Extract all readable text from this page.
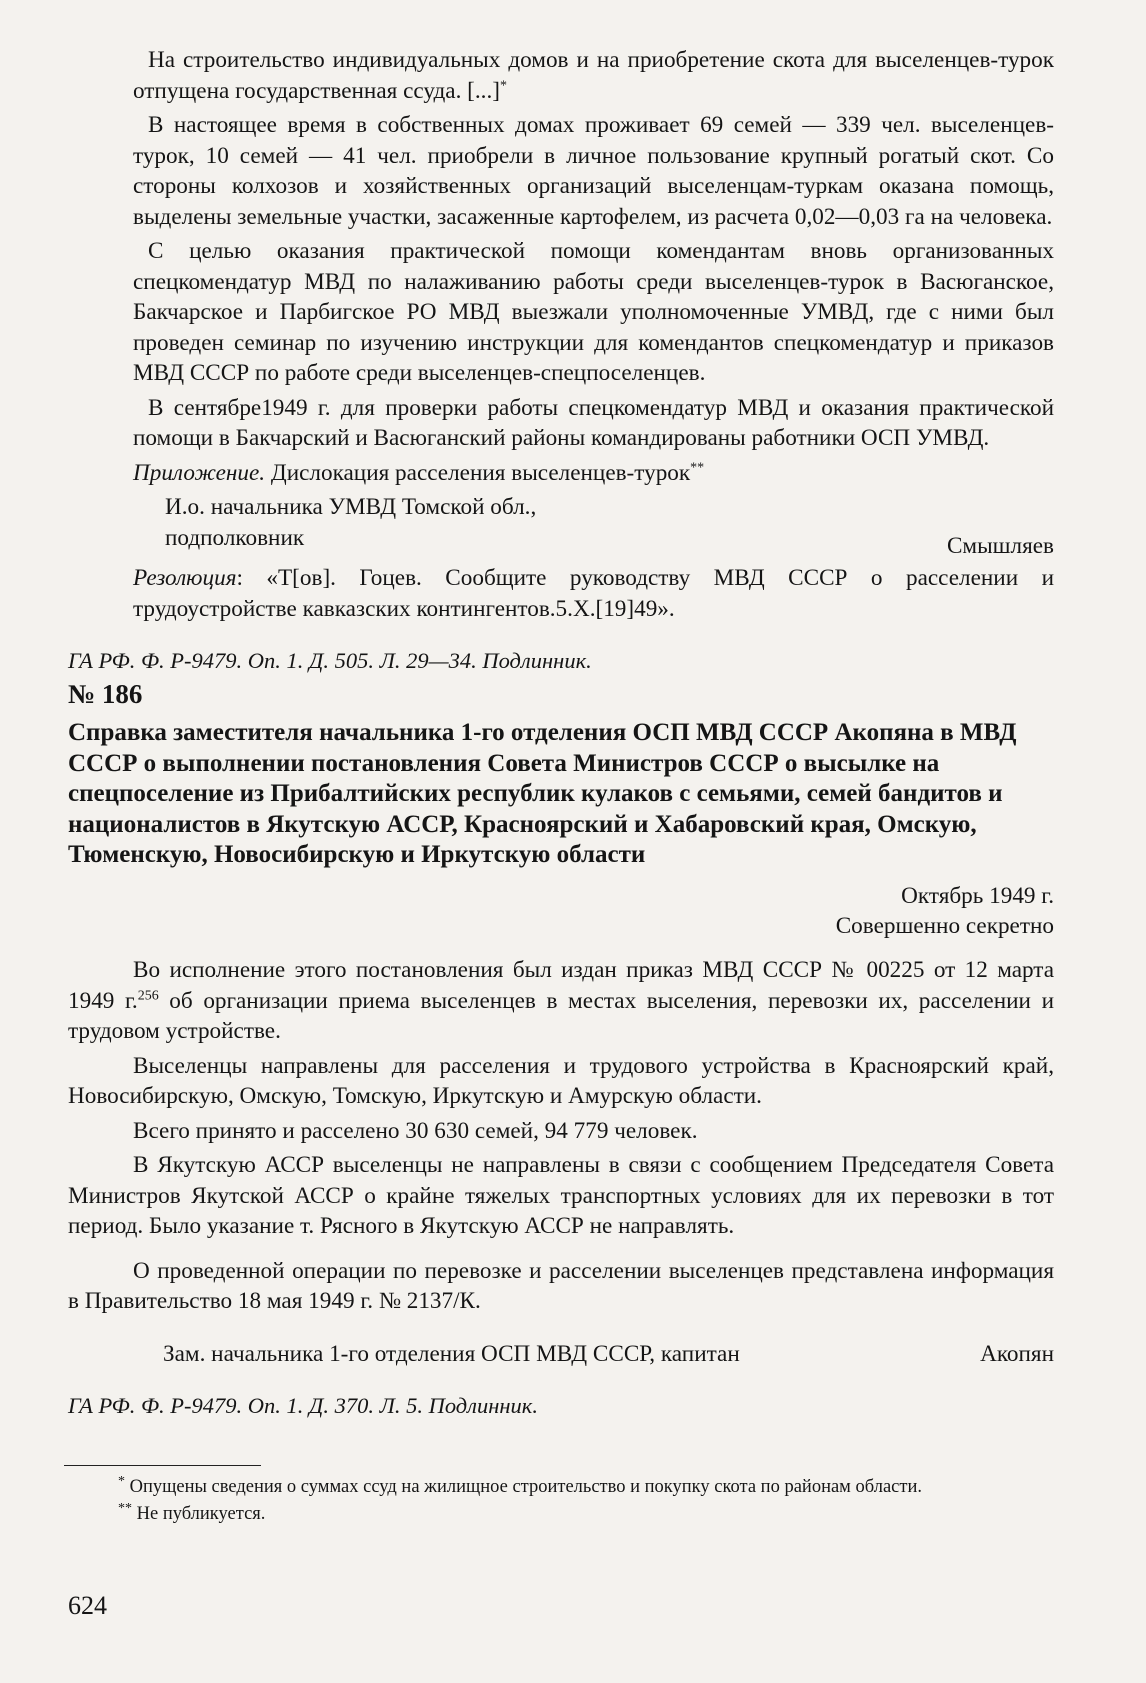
На строительство индивидуальных домов и на приобретение скота для выселенцев-турок отпущена государственная ссуда. [...]*

В настоящее время в собственных домах проживает 69 семей — 339 чел. выселенцев-турок, 10 семей — 41 чел. приобрели в личное пользование крупный рогатый скот. Со стороны колхозов и хозяйственных организаций выселенцам-туркам оказана помощь, выделены земельные участки, засаженные картофелем, из расчета 0,02—0,03 га на человека.

С целью оказания практической помощи комендантам вновь организованных спецкомендатур МВД по налаживанию работы среди выселенцев-турок в Васюганское, Бакчарское и Парбигское РО МВД выезжали уполномоченные УМВД, где с ними был проведен семинар по изучению инструкции для комендантов спецкомендатур и приказов МВД СССР по работе среди выселенцев-спецпоселенцев.

В сентябре1949 г. для проверки работы спецкомендатур МВД и оказания практической помощи в Бакчарский и Васюганский районы командированы работники ОСП УМВД.

Приложение. Дислокация расселения выселенцев-турок**

И.о. начальника УМВД Томской обл.,

подполковник	Смышляев

Резолюция: «Т[ов]. Гоцев. Сообщите руководству МВД СССР о расселении и трудоустройстве кавказских контингентов.5.X.[19]49».

ГА РФ. Ф. Р-9479. Оп. 1. Д. 505. Л. 29—34. Подлинник.

№ 186
Справка заместителя начальника 1-го отделения ОСП МВД СССР Акопяна в МВД СССР о выполнении постановления Совета Министров СССР о высылке на спецпоселение из Прибалтийских республик кулаков с семьями, семей бандитов и националистов в Якутскую АССР, Красноярский и Хабаровский края, Омскую, Тюменскую, Новосибирскую и Иркутскую области

Октябрь 1949 г.

Совершенно секретно

Во исполнение этого постановления был издан приказ МВД СССР № 00225 от 12 марта 1949 г.$^{256}$ об организации приема выселенцев в местах выселения, перевозки их, расселении и трудовом устройстве.

Выселенцы направлены для расселения и трудового устройства в Красноярский край, Новосибирскую, Омскую, Томскую, Иркутскую и Амурскую области.

Всего принято и расселено 30 630 семей, 94 779 человек.

В Якутскую АССР выселенцы не направлены в связи с сообщением Председателя Совета Министров Якутской АССР о крайне тяжелых транспортных условиях для их перевозки в тот период. Было указание т. Рясного в Якутскую АССР не направлять.

О проведенной операции по перевозке и расселении выселенцев представлена информация в Правительство 18 мая 1949 г. № 2137/К.

Зам. начальника 1-го отделения ОСП МВД СССР, капитан	Акопян

ГА РФ. Ф. Р-9479. Оп. 1. Д. 370. Л. 5. Подлинник.

* Опущены сведения о суммах ссуд на жилищное строительство и покупку скота по районам области.

** Не публикуется.

624
